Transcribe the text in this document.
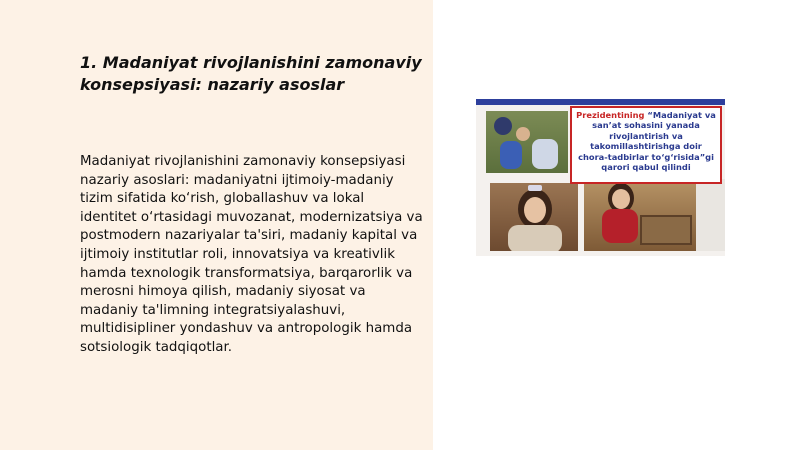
1. Madaniyat rivojlanishini zamonaviy konsepsiyasi: nazariy asoslar

Madaniyat rivojlanishini zamonaviy konsepsiyasi nazariy asoslari: madaniyatni ijtimoiy-madaniy tizim sifatida ko‘rish, globallashuv va lokal identitet o‘rtasidagi muvozanat, modernizatsiya va postmodern nazariyalar ta'siri, madaniy kapital va ijtimoiy institutlar roli, innovatsiya va kreativlik hamda texnologik transformatsiya, barqarorlik va merosni himoya qilish, madaniy siyosat va madaniy ta'limning integratsiyalashuvi, multidisipliner yondashuv va antropologik hamda sotsiologik tadqiqotlar.

Prezidentining “Madaniyat va san’at sohasini yanada rivojlantirish va takomillashtirishga doir chora-tadbirlar to‘g‘risida”gi qarori qabul qilindi
